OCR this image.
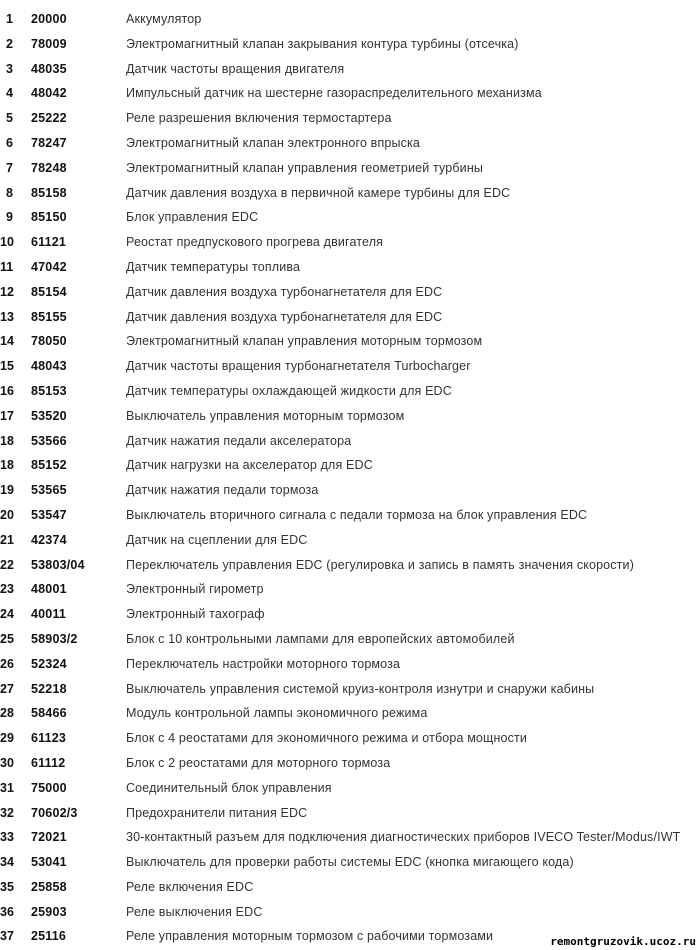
1	20000	Аккумулятор
2	78009	Электромагнитный клапан закрывания контура турбины (отсечка)
3	48035	Датчик частоты вращения двигателя
4	48042	Импульсный датчик на шестерне газораспределительного механизма
5	25222	Реле разрешения включения термостартера
6	78247	Электромагнитный клапан электронного впрыска
7	78248	Электромагнитный клапан управления геометрией турбины
8	85158	Датчик давления воздуха в первичной камере турбины для EDC
9	85150	Блок управления EDC
10	61121	Реостат предпускового прогрева двигателя
11	47042	Датчик температуры топлива
12	85154	Датчик давления воздуха турбонагнетателя для EDC
13	85155	Датчик давления воздуха турбонагнетателя для EDC
14	78050	Электромагнитный клапан управления моторным тормозом
15	48043	Датчик частоты вращения турбонагнетателя Turbocharger
16	85153	Датчик температуры охлаждающей жидкости для EDC
17	53520	Выключатель управления моторным тормозом
18	53566	Датчик нажатия педали акселератора
18	85152	Датчик нагрузки на акселератор для EDC
19	53565	Датчик нажатия педали тормоза
20	53547	Выключатель вторичного сигнала с педали тормоза на блок управления EDC
21	42374	Датчик на сцеплении для EDC
22	53803/04	Переключатель управления EDC (регулировка и запись в память значения скорости)
23	48001	Электронный гирометр
24	40011	Электронный тахограф
25	58903/2	Блок с 10 контрольными лампами для европейских автомобилей
26	52324	Переключатель настройки моторного тормоза
27	52218	Выключатель управления системой круиз-контроля изнутри и снаружи кабины
28	58466	Модуль контрольной лампы экономичного режима
29	61123	Блок с 4 реостатами для экономичного режима и отбора мощности
30	61112	Блок с 2 реостатами для моторного тормоза
31	75000	Соединительный блок управления
32	70602/3	Предохранители питания EDC
33	72021	30-контактный разъем для подключения диагностических приборов IVECO Tester/Modus/IWT
34	53041	Выключатель для проверки работы системы EDC (кнопка мигающего кода)
35	25858	Реле включения EDC
36	25903	Реле выключения EDC
37	25116	Реле управления моторным тормозом с рабочими тормозами	remontgruzovik.ucoz.ru
